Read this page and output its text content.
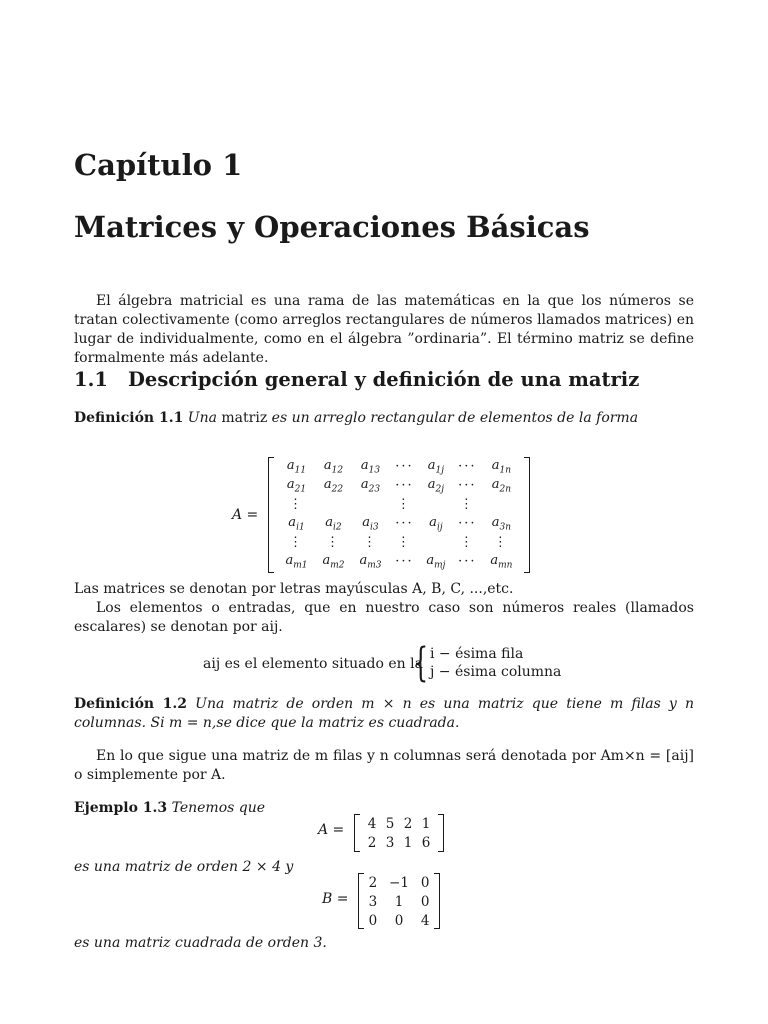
Capítulo 1
Matrices y Operaciones Básicas

El álgebra matricial es una rama de las matemáticas en la que los números se tratan colectivamente (como arreglos rectangulares de números llamados matrices) en lugar de individualmente, como en el álgebra ”ordinaria”. El término matriz se define formalmente más adelante.

1.1 Descripción general y definición de una matriz
Definición 1.1 Una matriz es un arreglo rectangular de elementos de la forma
A =
$a_{11}$	$a_{12}$	$a_{13}$	···	$a_{1j}$	···	$a_{1n}$
$a_{21}$	$a_{22}$	$a_{23}$	···	$a_{2j}$	···	$a_{2n}$
⋮			⋮		⋮	
$a_{i1}$	$a_{i2}$	$a_{i3}$	···	$a_{ij}$	···	$a_{3n}$
⋮	⋮	⋮	⋮		⋮	⋮
$a_{m1}$	$a_{m2}$	$a_{m3}$	···	$a_{mj}$	···	$a_{mn}$
Las matrices se denotan por letras mayúsculas A, B, C, ...,etc.
Los elementos o entradas, que en nuestro caso son números reales (llamados escalares) se denotan por aij.
aij es el elemento situado en la
{ i − ésima fila
j − ésima columna
Definición 1.2 Una matriz de orden m × n es una matriz que tiene m filas y n columnas. Si m = n,se dice que la matriz es cuadrada.
En lo que sigue una matriz de m filas y n columnas será denotada por Am×n = [aij] o simplemente por A.
Ejemplo 1.3 Tenemos que
A = 4	5	2	1
2	3	1	6
es una matriz de orden 2 × 4 y
B =
2	−1	0
3	1	0
0	0	4
es una matriz cuadrada de orden 3.
